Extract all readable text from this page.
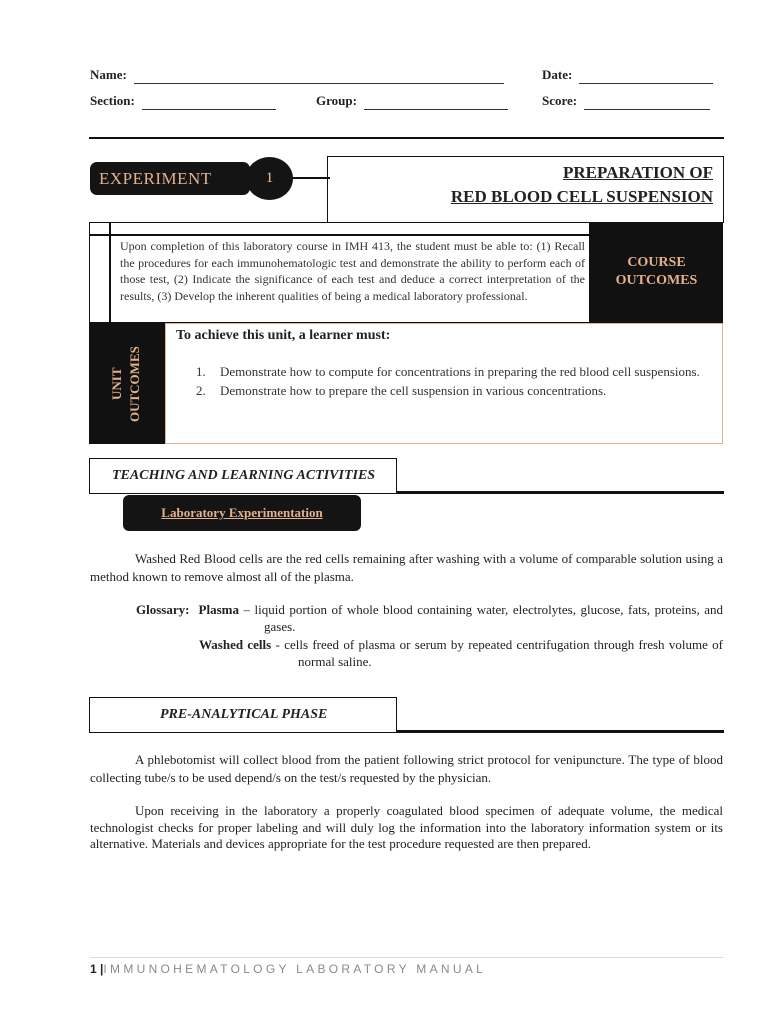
Name:	Date:
Section:	Group:	Score:
EXPERIMENT	1	PREPARATION OF
RED BLOOD CELL SUSPENSION
Upon completion of this laboratory course in IMH 413, the student must be able to: (1) Recall the procedures for each immunohematologic test and demonstrate the ability to perform each of those test, (2) Indicate the significance of each test and deduce a correct interpretation of the results, (3) Develop the inherent qualities of being a medical laboratory professional.
COURSE
OUTCOMES
UNIT OUTCOMES
To achieve this unit, a learner must:
1.	Demonstrate how to compute for concentrations in preparing the red blood cell suspensions.
2.	Demonstrate how to prepare the cell suspension in various concentrations.
TEACHING AND LEARNING ACTIVITIES
Laboratory Experimentation
Washed Red Blood cells are the red cells remaining after washing with a volume of comparable solution using a method known to remove almost all of the plasma.
Glossary: Plasma – liquid portion of whole blood containing water, electrolytes, glucose, fats, proteins, and gases.
Washed cells - cells freed of plasma or serum by repeated centrifugation through fresh volume of normal saline.
PRE-ANALYTICAL PHASE
A phlebotomist will collect blood from the patient following strict protocol for venipuncture. The type of blood collecting tube/s to be used depend/s on the test/s requested by the physician.
Upon receiving in the laboratory a properly coagulated blood specimen of adequate volume, the medical technologist checks for proper labeling and will duly log the information into the laboratory information system or its alternative. Materials and devices appropriate for the test procedure requested are then prepared.
1 |IMMUNOHEMATOLOGY LABORATORY MANUAL
